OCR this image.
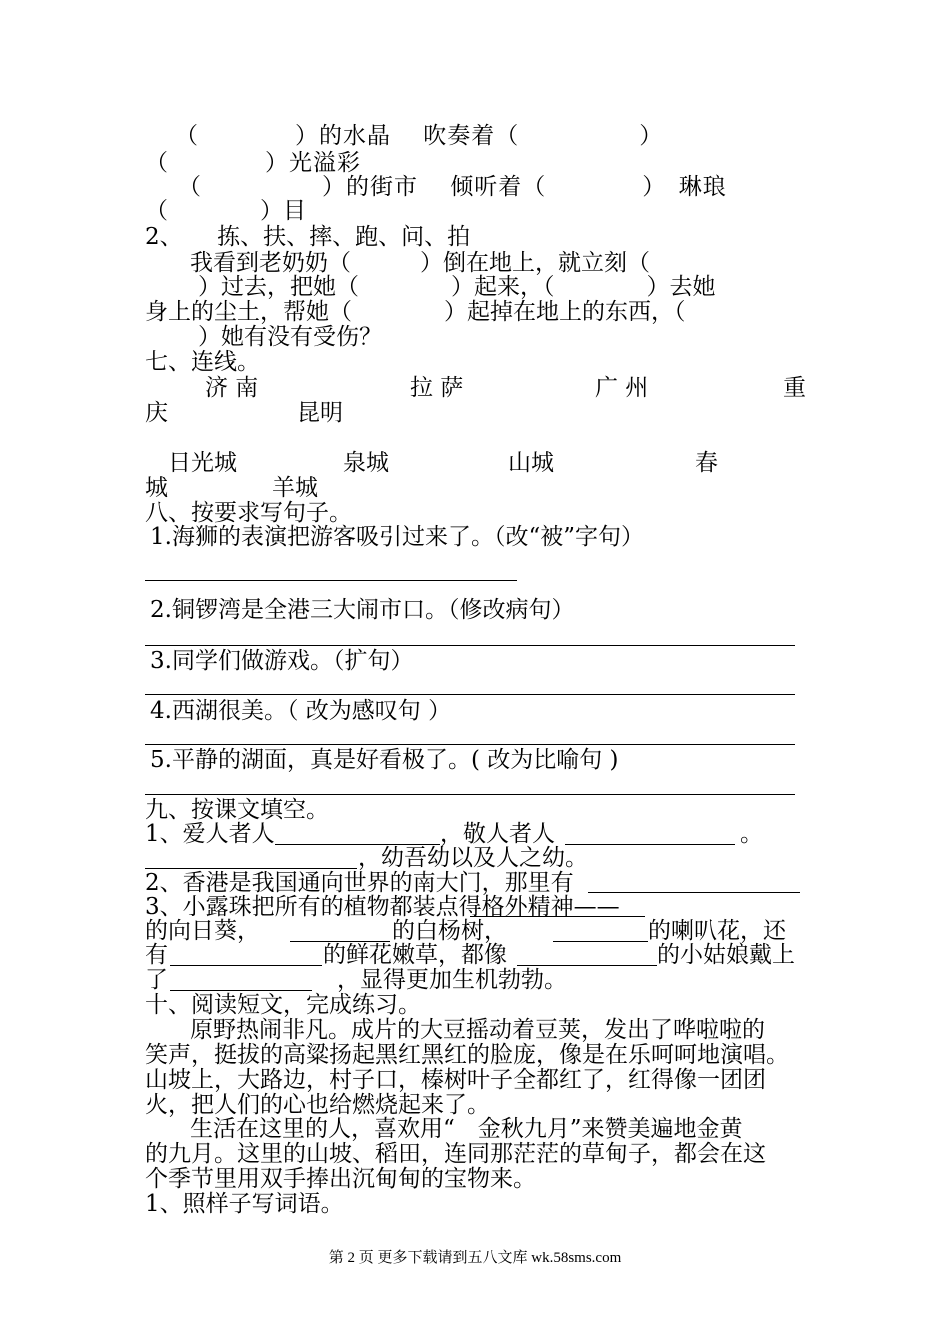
（　　　　）的水晶　 吹奏着（　　　　　）

（　　　　）光溢彩

（　　　　　）的街市　 倾听着（　　　　）　琳琅

（　　　　）目

2、　　拣、扶、摔、跑、问、拍

我看到老奶奶（　　　）倒在地上，就立刻（

）过去，把她（　　　　）起来，（　　　　）去她

身上的尘土，帮她（　　　　）起掉在地上的东西，（

）她有没有受伤？

七、连线。

济 南	拉 萨	广 州	重

庆	昆明

日光城	泉城	山城	春

城	羊城

八、按要求写句子。

1.海狮的表演把游客吸引过来了。（改“被”字句）

2.铜锣湾是全港三大闹市口。（修改病句）

3.同学们做游戏。（扩句）

4.西湖很美。（ 改为感叹句 ）

5.平静的湖面，真是好看极了。( 改为比喻句 )

九、按课文填空。

1、爱人者人	，敬人者人	。

，幼吾幼以及人之幼。

2、香港是我国通向世界的南大门，那里有

3、小露珠把所有的植物都装点得格外精神——

的向日葵，	的白杨树，	的喇叭花，还

有	的鲜花嫩草，都像	的小姑娘戴上

了	，显得更加生机勃勃。

十、阅读短文，完成练习。

原野热闹非凡。成片的大豆摇动着豆荚，发出了哗啦啦的

笑声，挺拔的高粱扬起黑红黑红的脸庞，像是在乐呵呵地演唱。

山坡上，大路边，村子口，榛树叶子全都红了，红得像一团团

火，把人们的心也给燃烧起来了。

生活在这里的人，喜欢用“　金秋九月”来赞美遍地金黄

的九月。这里的山坡、稻田，连同那茫茫的草甸子，都会在这

个季节里用双手捧出沉甸甸的宝物来。

1、照样子写词语。

第 2 页 更多下载请到五八文库 wk.58sms.com
